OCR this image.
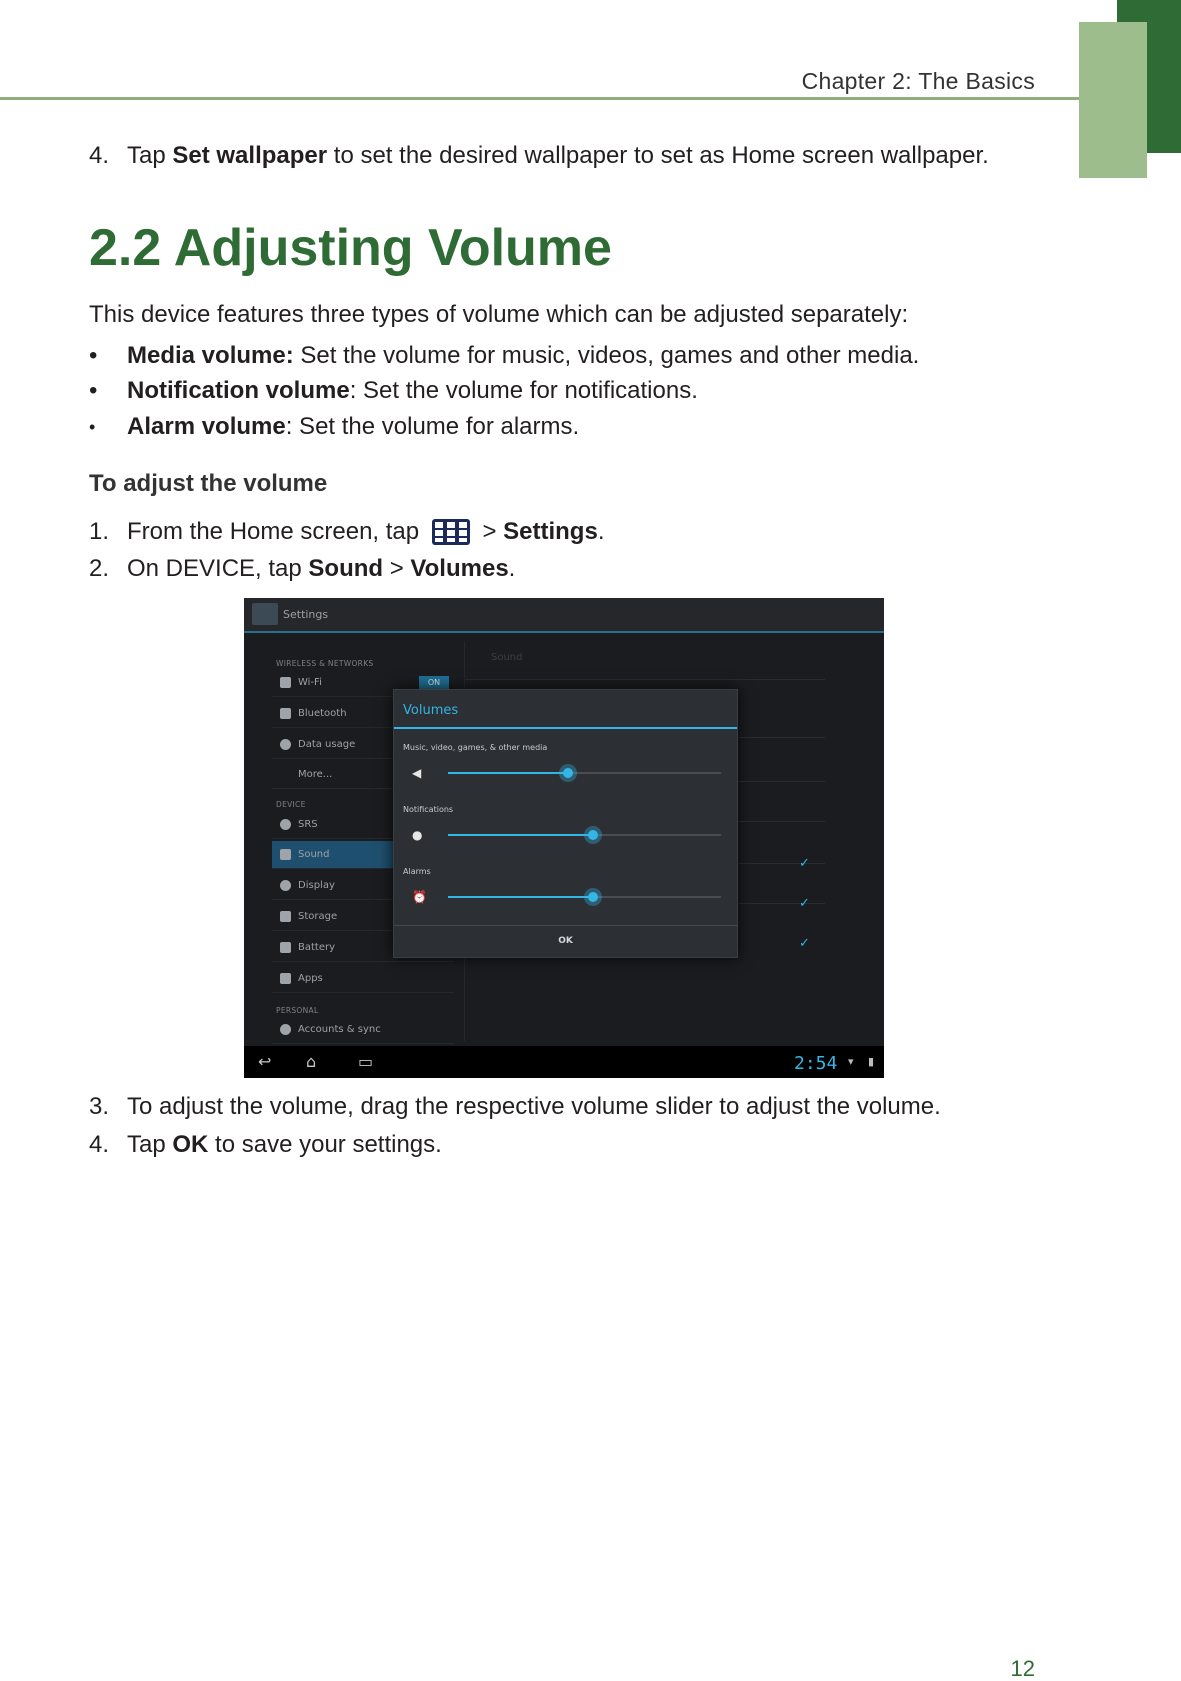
Chapter 2: The Basics
4. Tap Set wallpaper to set the desired wallpaper to set as Home screen wallpaper.
2.2 Adjusting Volume
This device features three types of volume which can be adjusted separately:
• Media volume: Set the volume for music, videos, games and other media.
• Notification volume: Set the volume for notifications.
• Alarm volume: Set the volume for alarms.
To adjust the volume
1. From the Home screen, tap
> Settings.
2. On DEVICE, tap Sound > Volumes.
Settings
WIRELESS & NETWORKS
Wi-Fi	ON
Bluetooth
Data usage
More...
DEVICE
SRS
Sound
Display
Storage
Battery
Apps
PERSONAL
Accounts & sync
Sound
✓
✓
✓
Volumes
Music, video, games, & other media
◀
Notifications
●
Alarms
⏰
OK
↩ ⌂	▭	2:54 ▾ ▮
3. To adjust the volume, drag the respective volume slider to adjust the volume.
4. Tap OK to save your settings.
12
